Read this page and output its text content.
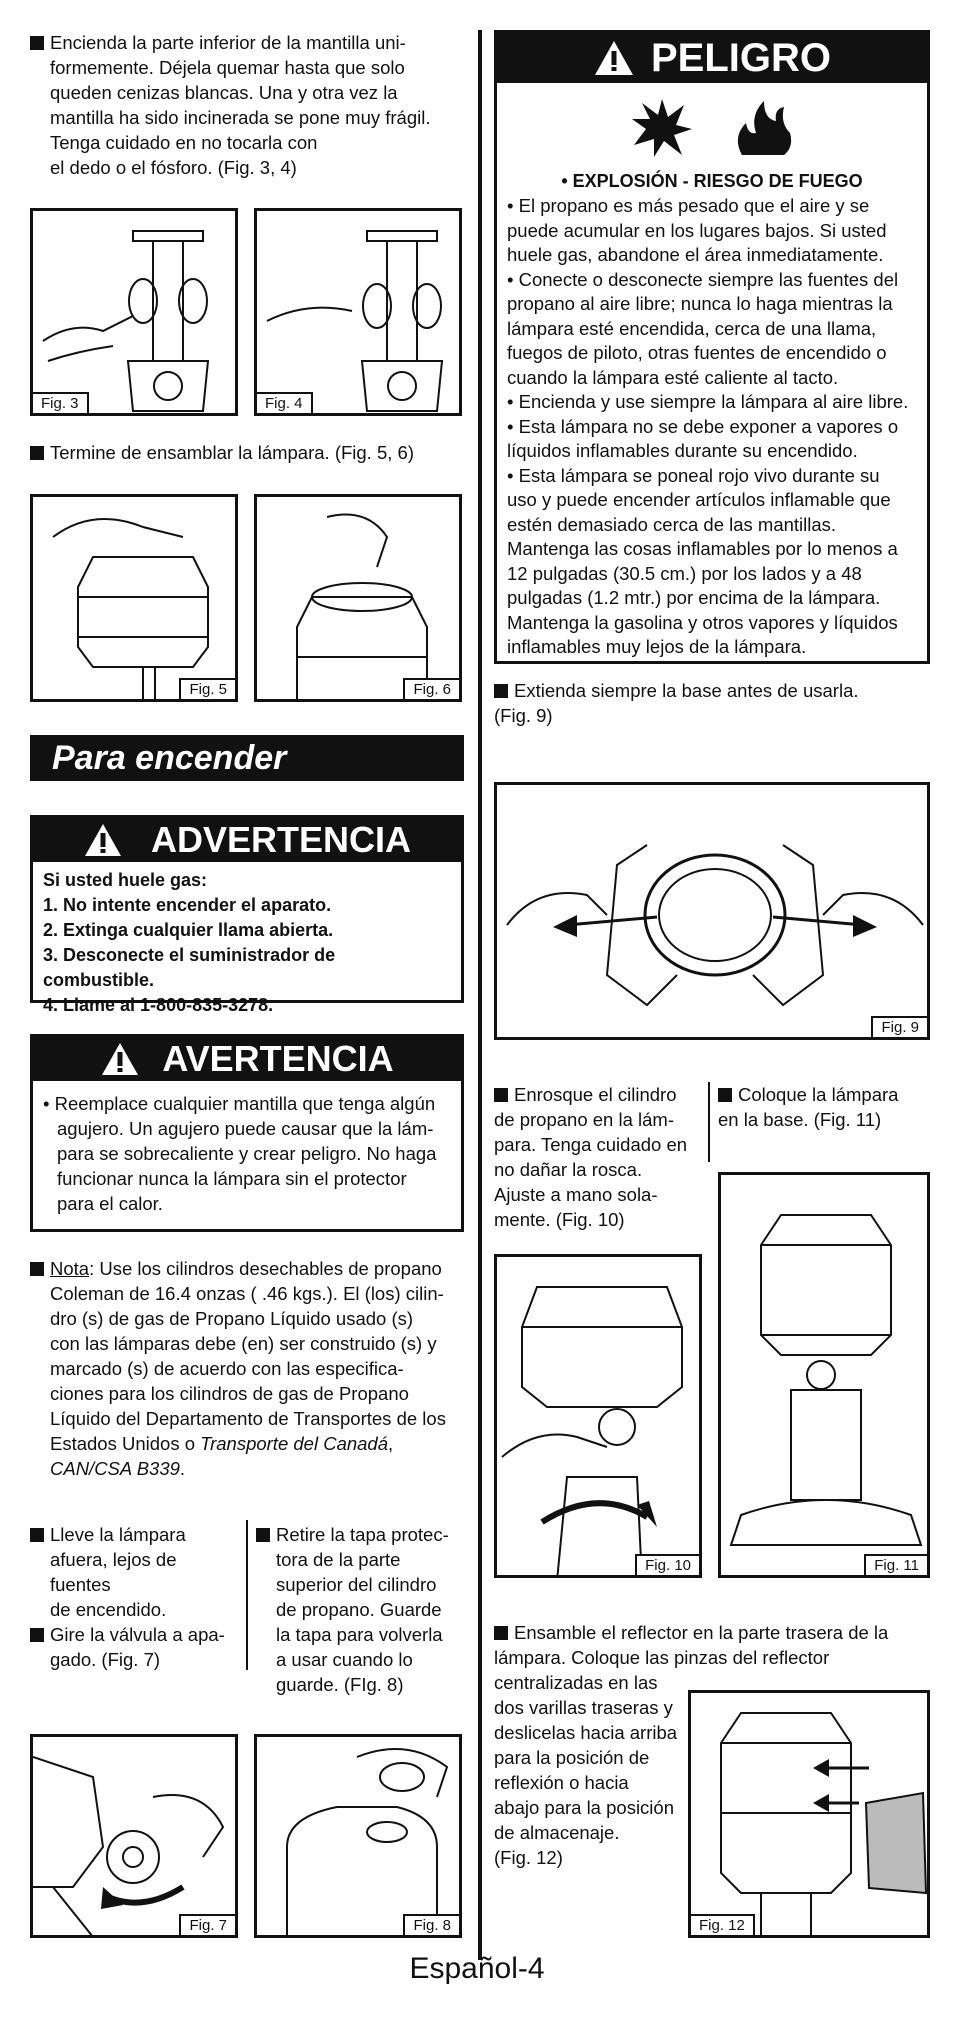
Encienda la parte inferior de la mantilla uni-
formemente. Déjela quemar hasta que solo
queden cenizas blancas. Una y otra vez la
mantilla ha sido incinerada se pone muy frágil.
Tenga cuidado en no tocarla con
el dedo o el fósforo. (Fig. 3, 4)
Fig. 3	Fig. 4
Termine de ensamblar la lámpara. (Fig. 5, 6)
Fig. 5	Fig. 6
Para encender
ADVERTENCIA
Si usted huele gas:
1. No intente encender el aparato.
2. Extinga cualquier llama abierta.
3. Desconecte el suministrador de combustible.
4. Llame al 1-800-835-3278.
AVERTENCIA
• Reemplace cualquier mantilla que tenga algún
agujero. Un agujero puede causar que la lám-
para se sobrecaliente y crear peligro. No haga
funcionar nunca la lámpara sin el protector
para el calor.
Nota: Use los cilindros desechables de propano
Coleman de 16.4 onzas ( .46 kgs.). El (los) cilin-
dro (s) de gas de Propano Líquido usado (s)
con las lámparas debe (en) ser construido (s) y
marcado (s) de acuerdo con las especifica-
ciones para los cilindros de gas de Propano
Líquido del Departamento de Transportes de los
Estados Unidos o Transporte del Canadá,
CAN/CSA B339.
Lleve la lámpara
afuera, lejos de
fuentes
de encendido.
Gire la válvula a apa-
gado. (Fig. 7)
Retire la tapa protec-
tora de la parte
superior del cilindro
de propano. Guarde
la tapa para volverla
a usar cuando lo
guarde. (FIg. 8)
Fig. 7	Fig. 8
PELIGRO
• EXPLOSIÓN - RIESGO DE FUEGO
• El propano es más pesado que el aire y se
puede acumular en los lugares bajos. Si usted
huele gas, abandone el área inmediatamente.
• Conecte o desconecte siempre las fuentes del
propano al aire libre; nunca lo haga mientras la
lámpara esté encendida, cerca de una llama,
fuegos de piloto, otras fuentes de encendido o
cuando la lámpara esté caliente al tacto.
• Encienda y use siempre la lámpara al aire libre.
• Esta lámpara no se debe exponer a vapores o
líquidos inflamables durante su encendido.
• Esta lámpara se poneal rojo vivo durante su
uso y puede encender artículos inflamable que
estén demasiado cerca de las mantillas.
Mantenga las cosas inflamables por lo menos a
12 pulgadas (30.5 cm.) por los lados y a 48
pulgadas (1.2 mtr.) por encima de la lámpara.
Mantenga la gasolina y otros vapores y líquidos
inflamables muy lejos de la lámpara.
Extienda siempre la base antes de usarla.
(Fig. 9)
Fig. 9
Enrosque el cilindro
de propano en la lám-
para. Tenga cuidado en
no dañar la rosca.
Ajuste a mano sola-
mente. (Fig. 10)
Coloque la lámpara
en la base. (Fig. 11)
Fig. 10	Fig. 11
Ensamble el reflector en la parte trasera de la
lámpara. Coloque las pinzas del reflector
centralizadas en las
dos varillas traseras y
deslicelas hacia arriba
para la posición de
reflexión o hacia
abajo para la posición
de almacenaje.
(Fig. 12)
Fig. 12
Español-4
